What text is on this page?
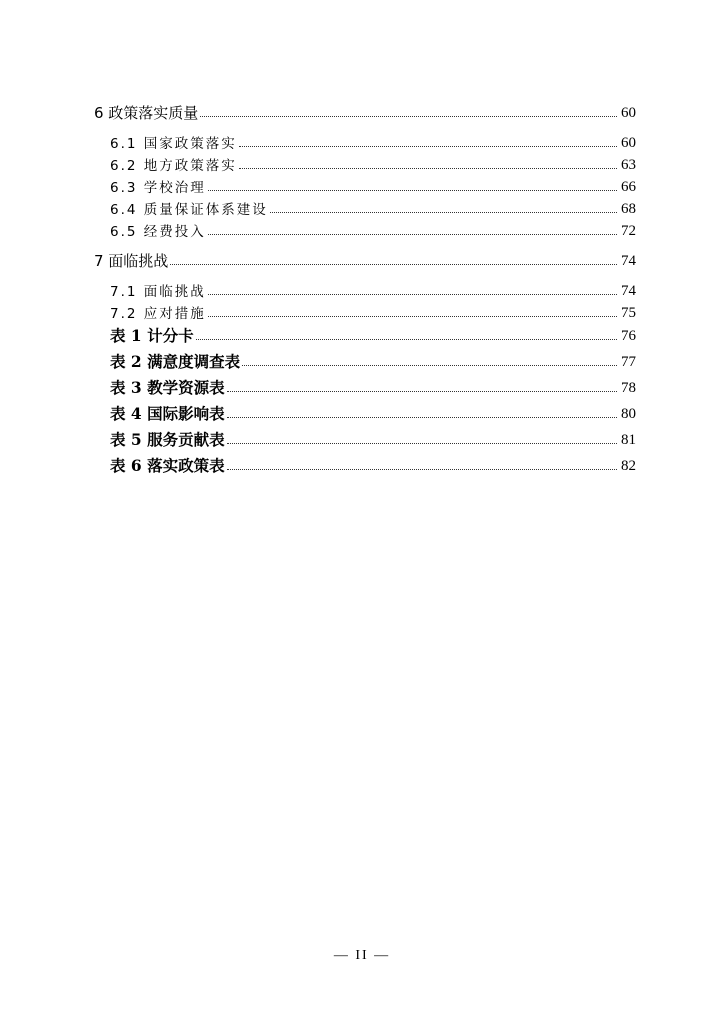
6 政策落实质量	60
6.1 国家政策落实	60
6.2 地方政策落实	63
6.3 学校治理	66
6.4 质量保证体系建设	68
6.5 经费投入	72
7 面临挑战	74
7.1 面临挑战	74
7.2 应对措施	75
表 1 计分卡	76
表 2 满意度调查表	77
表 3 教学资源表	78
表 4 国际影响表	80
表 5 服务贡献表	81
表 6 落实政策表	82
— II —
